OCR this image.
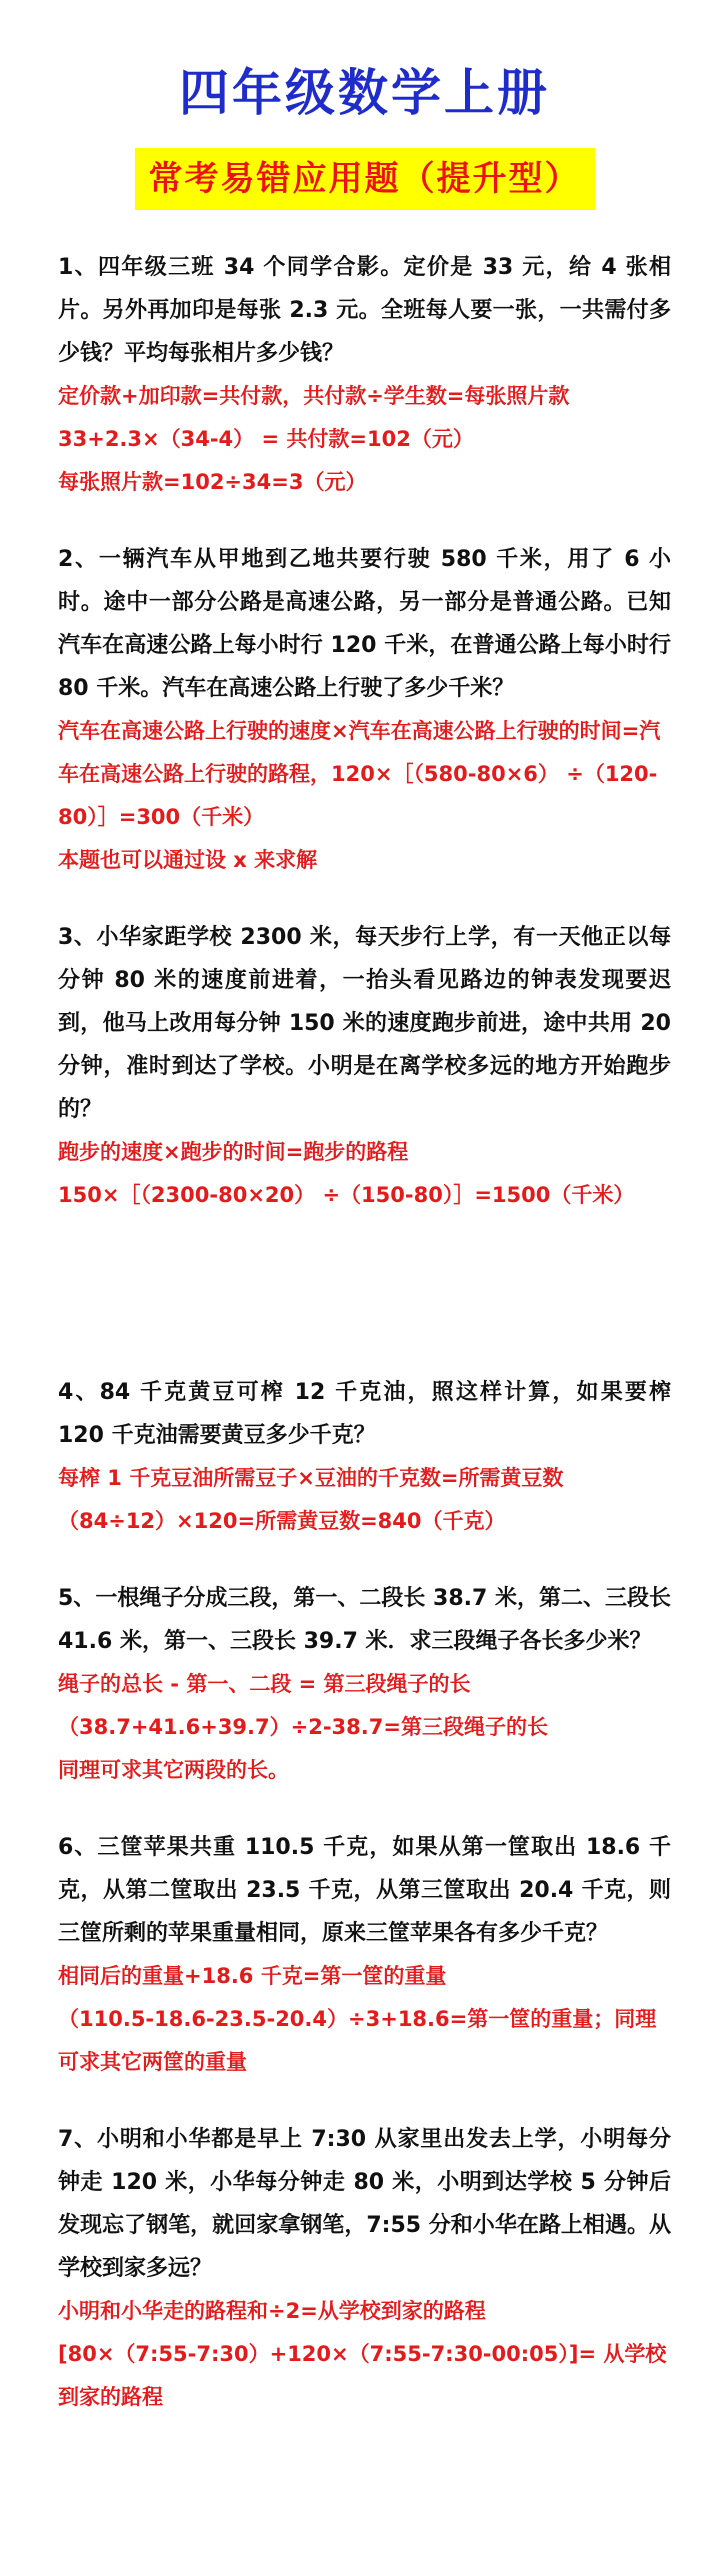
四年级数学上册
常考易错应用题（提升型）

1、四年级三班 34 个同学合影。定价是 33 元，给 4 张相片。另外再加印是每张 2.3 元。全班每人要一张，一共需付多少钱？平均每张相片多少钱？

定价款+加印款=共付款，共付款÷学生数=每张照片款

33+2.3×（34-4） = 共付款=102（元）

每张照片款=102÷34=3（元）

2、一辆汽车从甲地到乙地共要行驶 580 千米，用了 6 小时。途中一部分公路是高速公路，另一部分是普通公路。已知汽车在高速公路上每小时行 120 千米，在普通公路上每小时行 80 千米。汽车在高速公路上行驶了多少千米？

汽车在高速公路上行驶的速度×汽车在高速公路上行驶的时间=汽车在高速公路上行驶的路程，120×［（580-80×6） ÷（120-80）］=300（千米）

本题也可以通过设 x 来求解

3、小华家距学校 2300 米，每天步行上学，有一天他正以每分钟 80 米的速度前进着，一抬头看见路边的钟表发现要迟到，他马上改用每分钟 150 米的速度跑步前进，途中共用 20 分钟，准时到达了学校。小明是在离学校多远的地方开始跑步的？

跑步的速度×跑步的时间=跑步的路程

150×［（2300-80×20） ÷（150-80）］=1500（千米）

4、84 千克黄豆可榨 12 千克油，照这样计算，如果要榨 120 千克油需要黄豆多少千克？

每榨 1 千克豆油所需豆子×豆油的千克数=所需黄豆数

（84÷12）×120=所需黄豆数=840（千克）

5、一根绳子分成三段，第一、二段长 38.7 米，第二、三段长 41.6 米，第一、三段长 39.7 米．求三段绳子各长多少米？

绳子的总长 - 第一、二段 = 第三段绳子的长

（38.7+41.6+39.7）÷2-38.7=第三段绳子的长

同理可求其它两段的长。

6、三筐苹果共重 110.5 千克，如果从第一筐取出 18.6 千克，从第二筐取出 23.5 千克，从第三筐取出 20.4 千克，则三筐所剩的苹果重量相同，原来三筐苹果各有多少千克？

相同后的重量+18.6 千克=第一筐的重量

（110.5-18.6-23.5-20.4）÷3+18.6=第一筐的重量；同理可求其它两筐的重量

7、小明和小华都是早上 7:30 从家里出发去上学，小明每分钟走 120 米，小华每分钟走 80 米，小明到达学校 5 分钟后发现忘了钢笔，就回家拿钢笔，7:55 分和小华在路上相遇。从学校到家多远？

小明和小华走的路程和÷2=从学校到家的路程

[80×（7:55-7:30）+120×（7:55-7:30-00:05）]= 从学校到家的路程
